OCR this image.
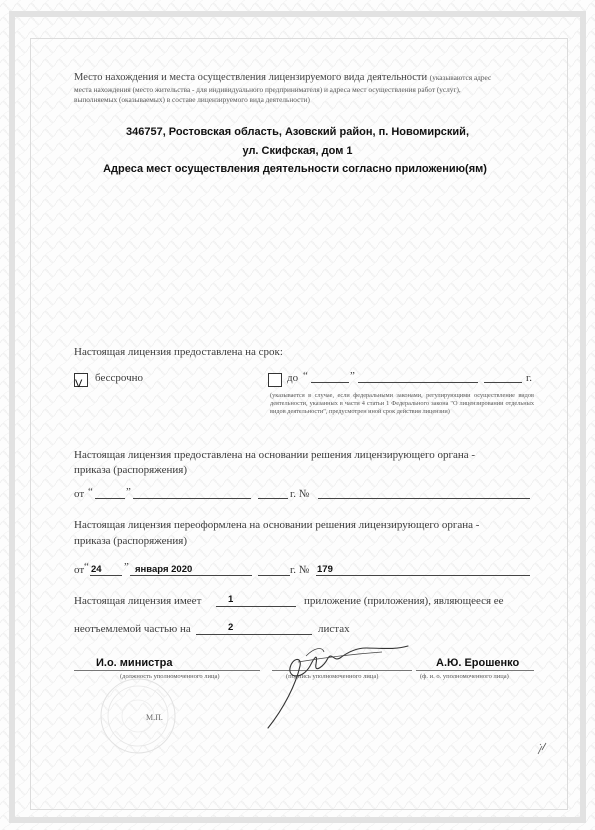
Место нахождения и места осуществления лицензируемого вида деятельности (указываются адрес
места нахождения (место жительства - для индивидуального предпринимателя) и адреса мест осуществления работ (услуг),
выполняемых (оказываемых) в составе лицензируемого вида деятельности)
346757, Ростовская область, Азовский район, п. Новомирский,
ул. Скифская, дом 1
Адреса мест осуществления деятельности согласно приложению(ям)
Настоящая лицензия предоставлена на срок:
V бессрочно	до “	”	г.
(указывается в случае, если федеральными законами, регулирующими осуществление видов деятельности, указанных в части 4 статьи 1 Федерального закона "О лицензировании отдельных видов деятельности", предусмотрен иной срок действия лицензии)
Настоящая лицензия предоставлена на основании решения лицензирующего органа -
приказа (распоряжения)
от “	”	г. №
Настоящая лицензия переоформлена на основании решения лицензирующего органа -
приказа (распоряжения)
от “ 24 ” января 2020	г. № 179
Настоящая лицензия имеет	1	приложение (приложения), являющееся ее
неотъемлемой частью на	2	листах
И.о. министра
(должность уполномоченного лица)	(подпись уполномоченного лица)
А.Ю. Ерошенко
(ф. и. о. уполномоченного лица)
М.П.
